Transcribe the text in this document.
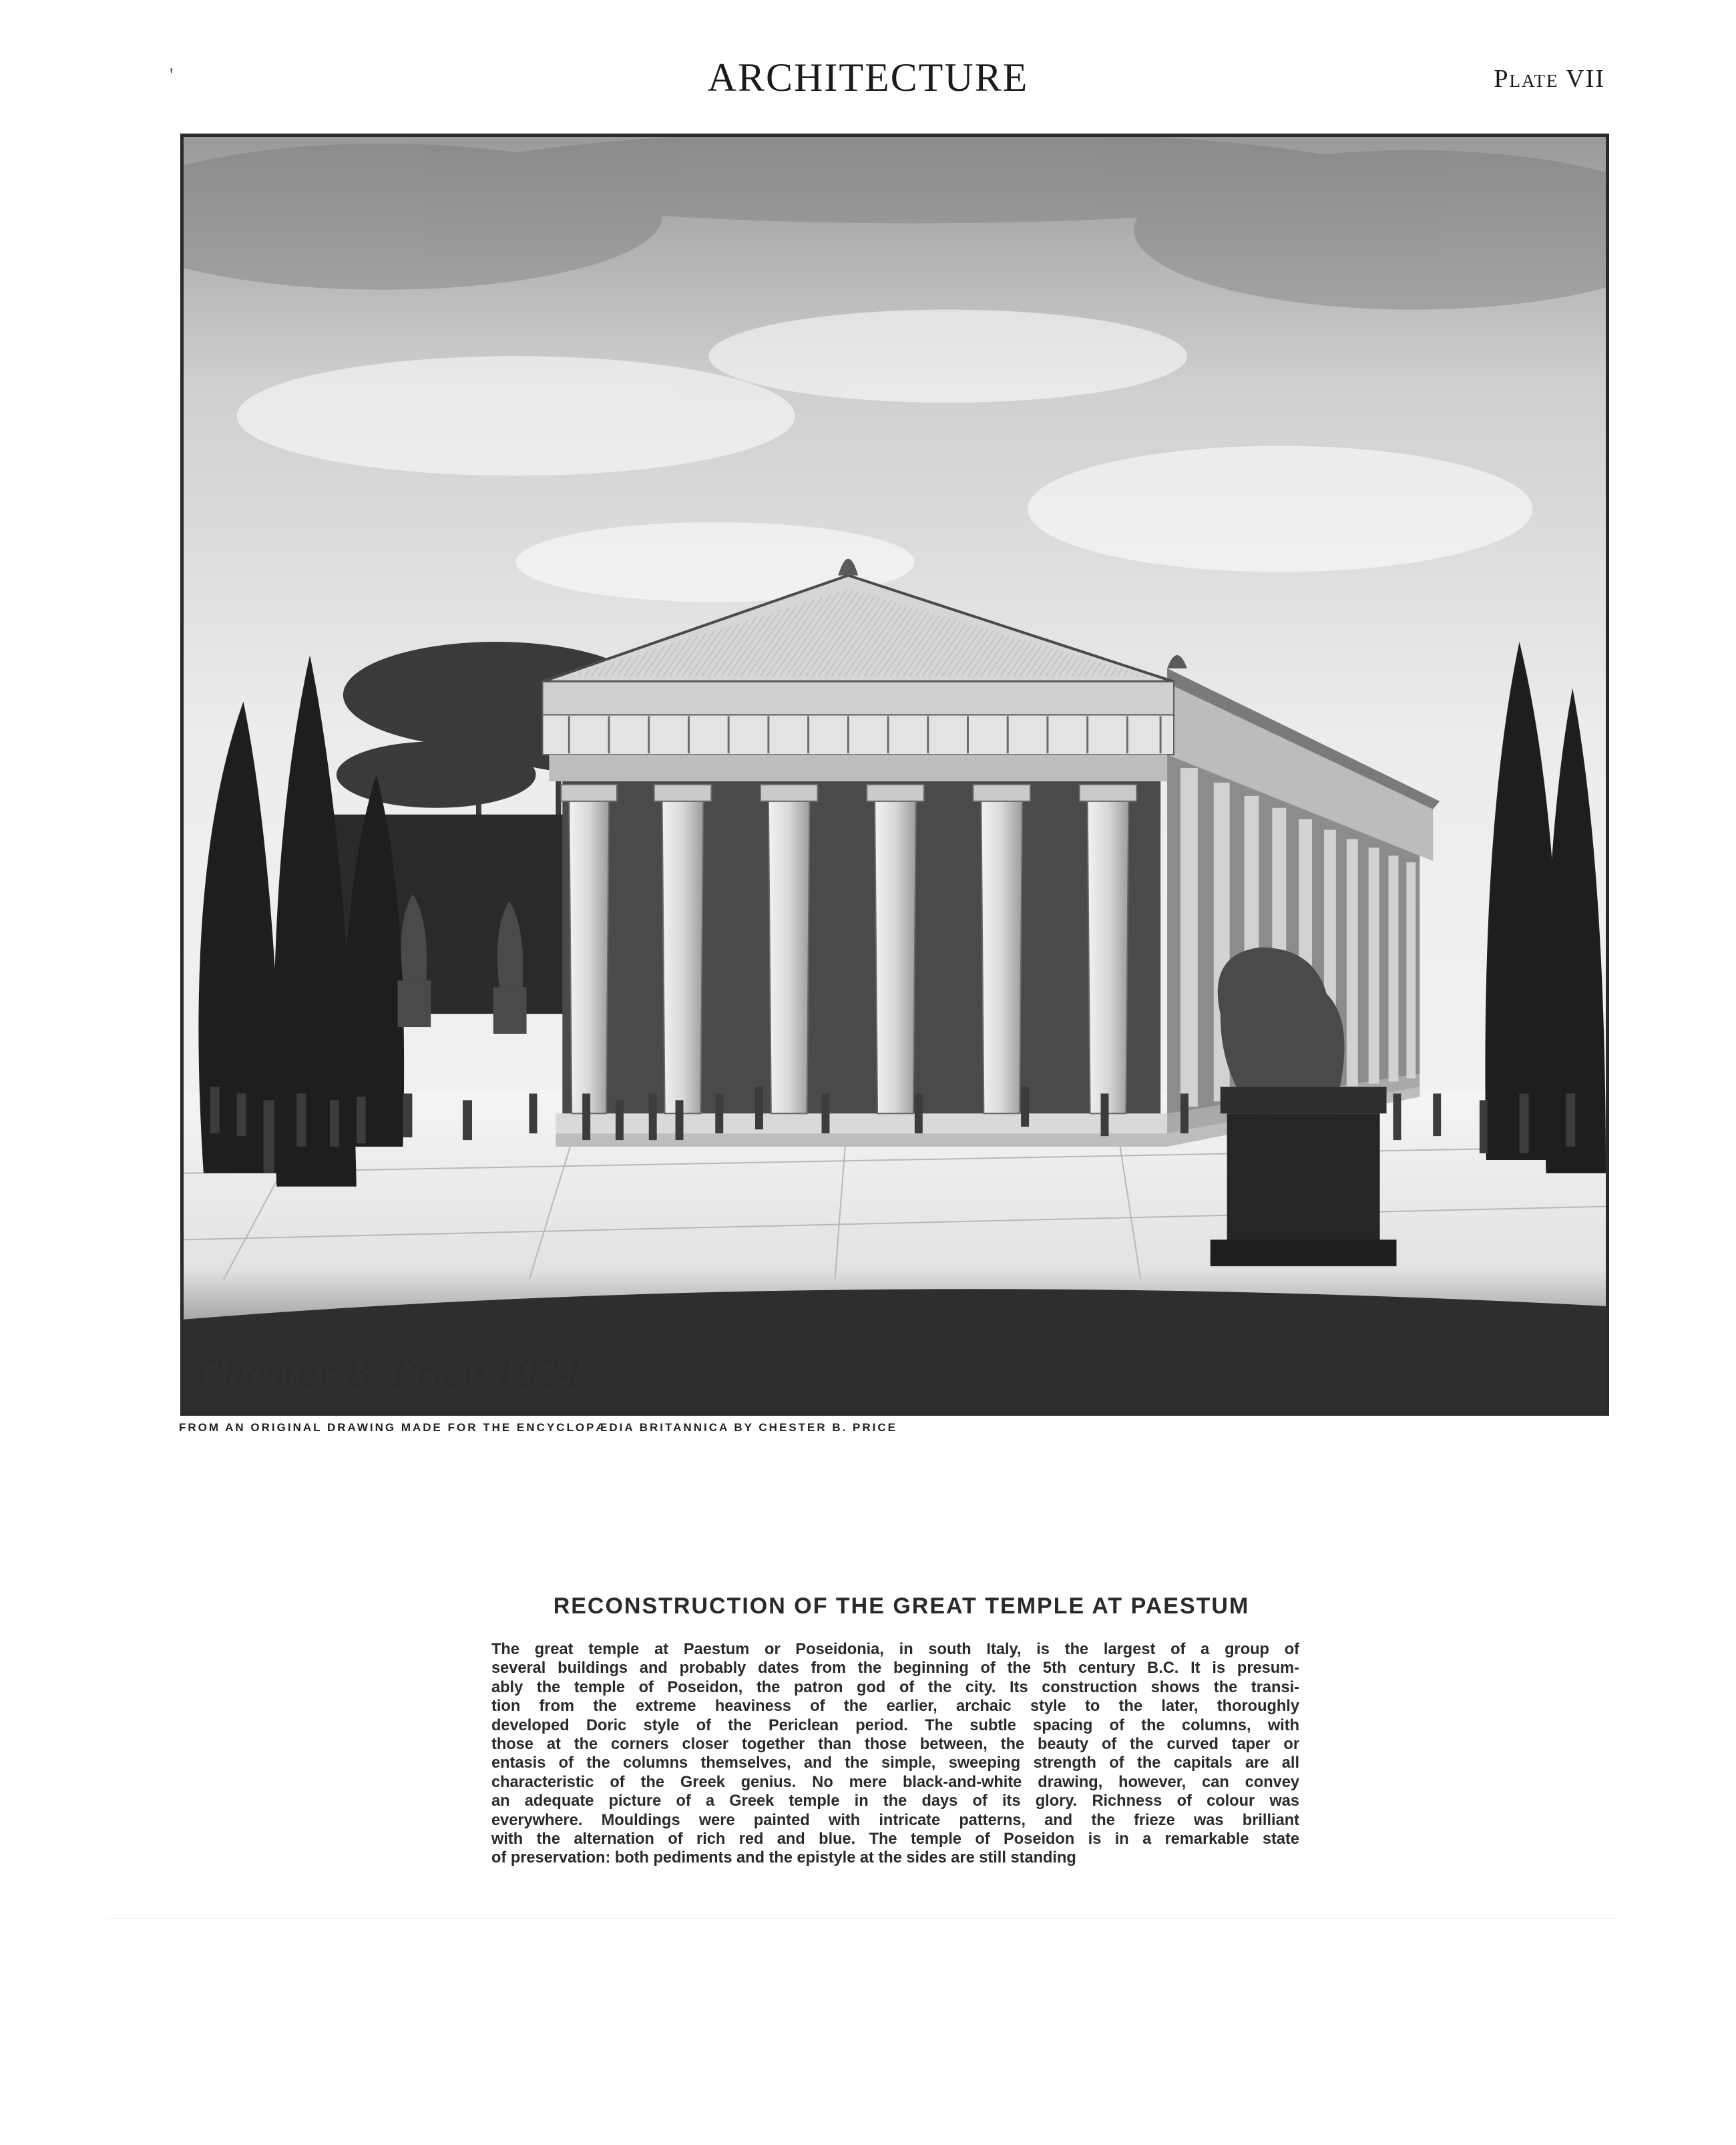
'	ARCHITECTURE	Plate VII
Chester B. Price 1924
FROM AN ORIGINAL DRAWING MADE FOR THE ENCYCLOPÆDIA BRITANNICA BY CHESTER B. PRICE
RECONSTRUCTION OF THE GREAT TEMPLE AT PAESTUM
The great temple at Paestum or Poseidonia, in south Italy, is the largest of a group of
several buildings and probably dates from the beginning of the 5th century B.C. It is presum-
ably the temple of Poseidon, the patron god of the city. Its construction shows the transi-
tion from the extreme heaviness of the earlier, archaic style to the later, thoroughly
developed Doric style of the Periclean period. The subtle spacing of the columns, with
those at the corners closer together than those between, the beauty of the curved taper or
entasis of the columns themselves, and the simple, sweeping strength of the capitals are all
characteristic of the Greek genius. No mere black-and-white drawing, however, can convey
an adequate picture of a Greek temple in the days of its glory. Richness of colour was
everywhere. Mouldings were painted with intricate patterns, and the frieze was brilliant
with the alternation of rich red and blue. The temple of Poseidon is in a remarkable state
of preservation: both pediments and the epistyle at the sides are still standing
